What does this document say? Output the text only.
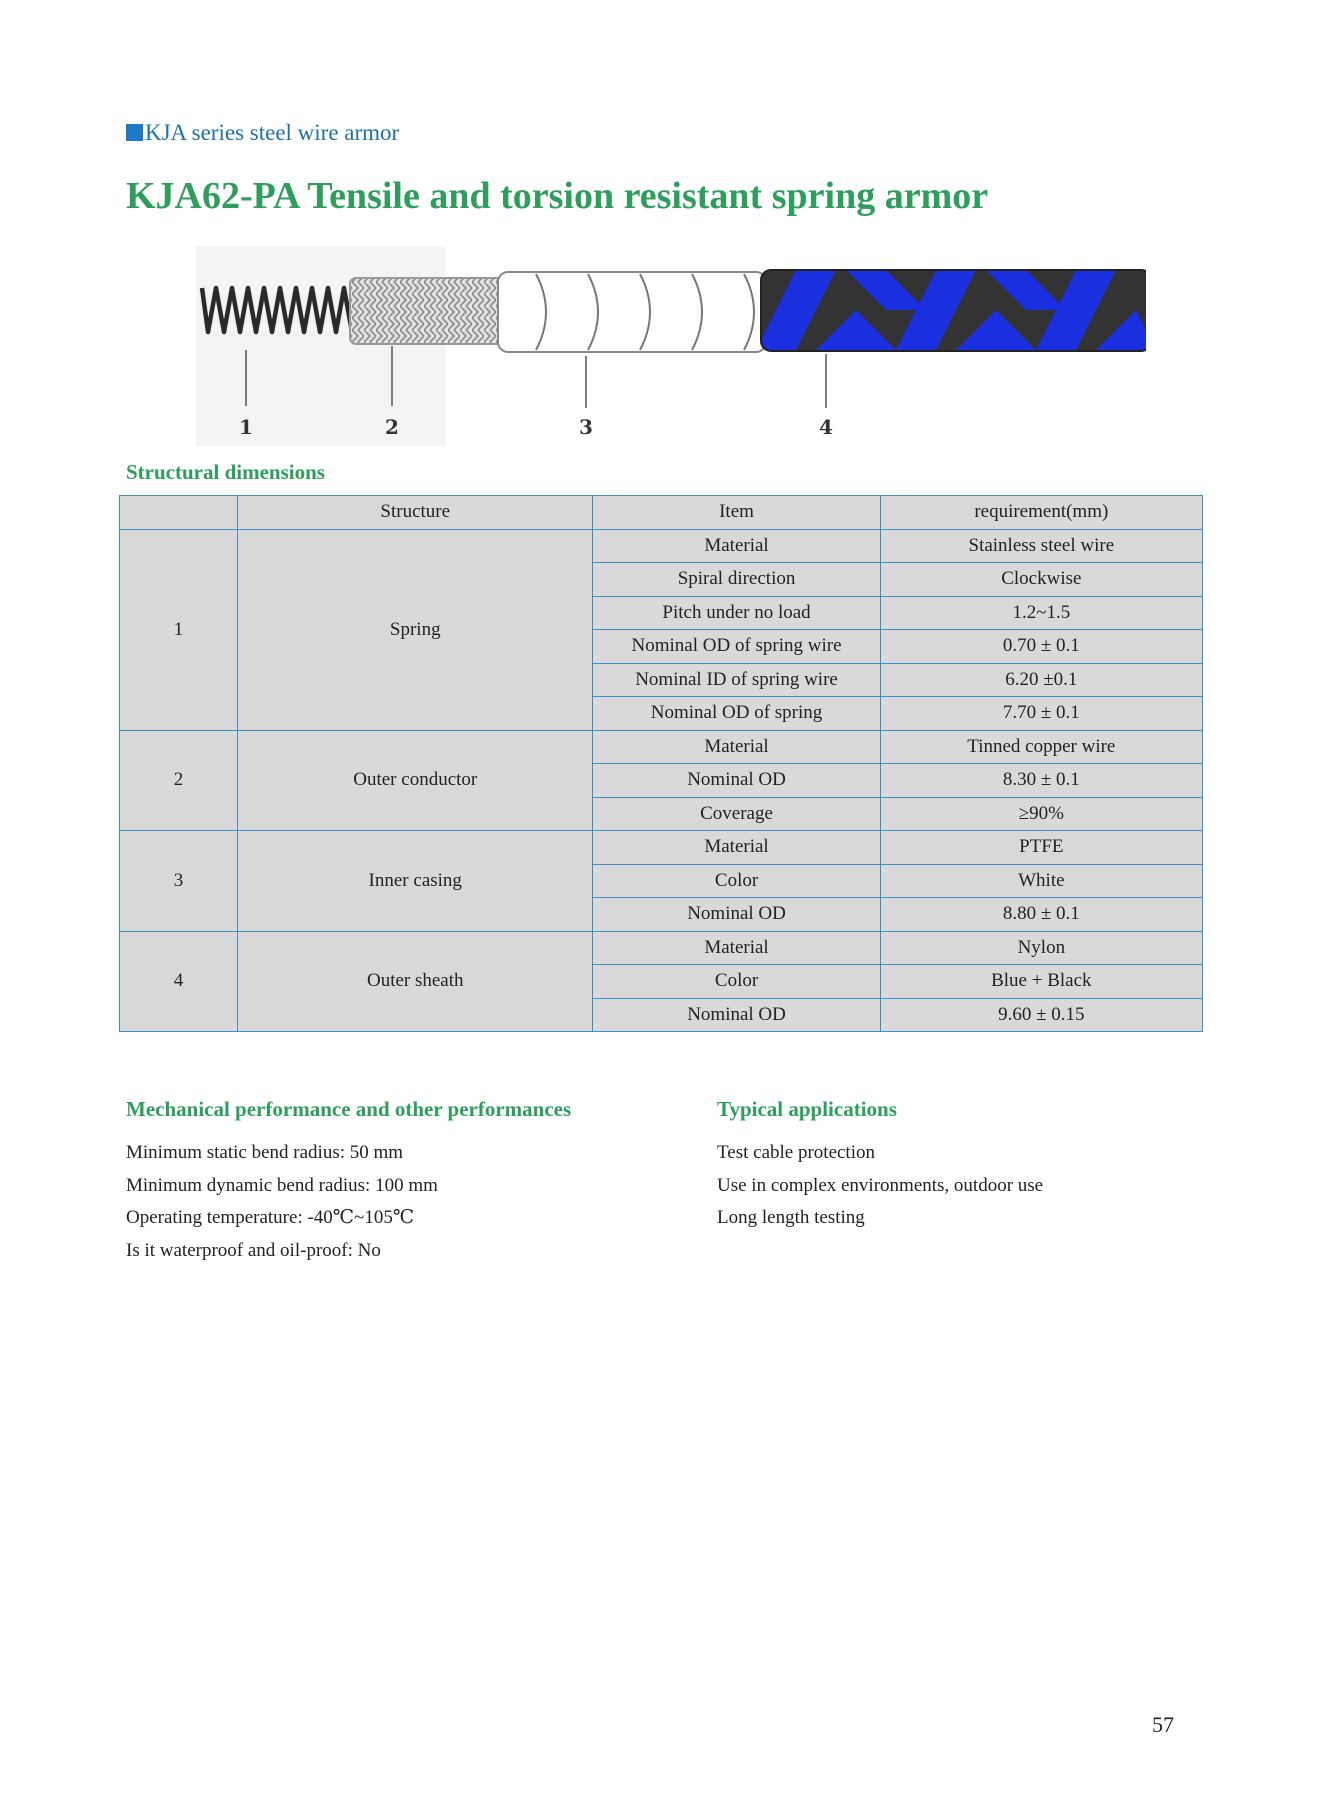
KJA series steel wire armor
KJA62-PA Tensile and torsion resistant spring armor
1	2	3	4
Structural dimensions
	Structure	Item	requirement(mm)
1	Spring	Material	Stainless steel wire
		Spiral direction	Clockwise
		Pitch under no load	1.2~1.5
		Nominal OD of spring wire	0.70 ± 0.1
		Nominal ID of spring wire	6.20 ±0.1
		Nominal OD of spring	7.70 ± 0.1
2	Outer conductor	Material	Tinned copper wire
		Nominal OD	8.30 ± 0.1
		Coverage	≥90%
3	Inner casing	Material	PTFE
		Color	White
		Nominal OD	8.80 ± 0.1
4	Outer sheath	Material	Nylon
		Color	Blue + Black
		Nominal OD	9.60 ± 0.15
Mechanical performance and other performances
Minimum static bend radius: 50 mm
Minimum dynamic bend radius: 100 mm
Operating temperature: -40℃~105℃
Is it waterproof and oil-proof: No
Typical applications
Test cable protection
Use in complex environments, outdoor use
Long length testing
57
